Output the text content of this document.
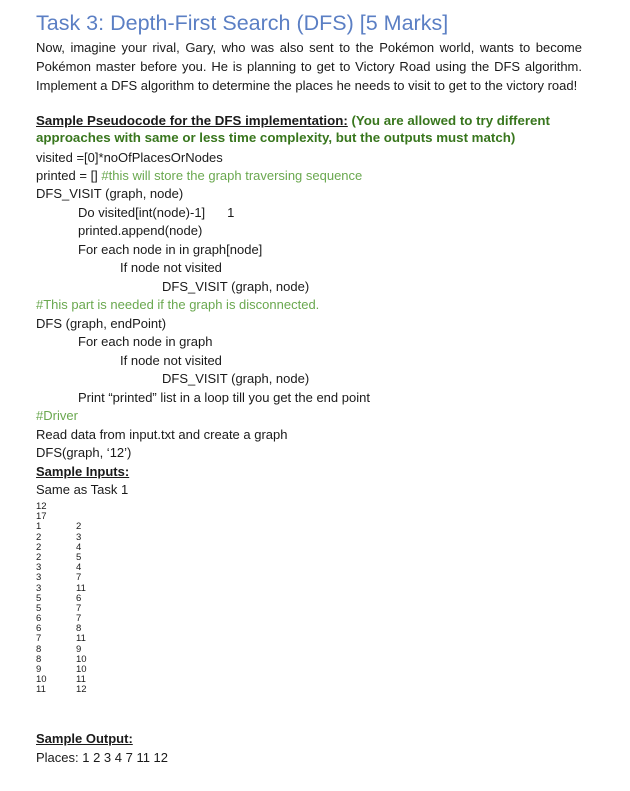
Task 3: Depth-First Search (DFS) [5 Marks]
Now, imagine your rival, Gary, who was also sent to the Pokémon world, wants to become Pokémon master before you. He is planning to get to Victory Road using the DFS algorithm. Implement a DFS algorithm to determine the places he needs to visit to get to the victory road!
Sample Pseudocode for the DFS implementation: (You are allowed to try different
approaches with same or less time complexity, but the outputs must match)
visited =[0]*noOfPlacesOrNodes
printed = [] #this will store the graph traversing sequence
DFS_VISIT (graph, node)
Do visited[int(node)-1] 1
printed.append(node)
For each node in in graph[node]
If node not visited
DFS_VISIT (graph, node)
#This part is needed if the graph is disconnected.
DFS (graph, endPoint)
For each node in graph
If node not visited
DFS_VISIT (graph, node)
Print “printed” list in a loop till you get the end point
#Driver
Read data from input.txt and create a graph
DFS(graph, ‘12’)
Sample Inputs:
Same as Task 1
12
17
1	2
2	3
2	4
2	5
3	4
3	7
3	11
5	6
5	7
6	7
6	8
7	11
8	9
8	10
9	10
10	11
11	12
Sample Output:
Places: 1 2 3 4 7 11 12
